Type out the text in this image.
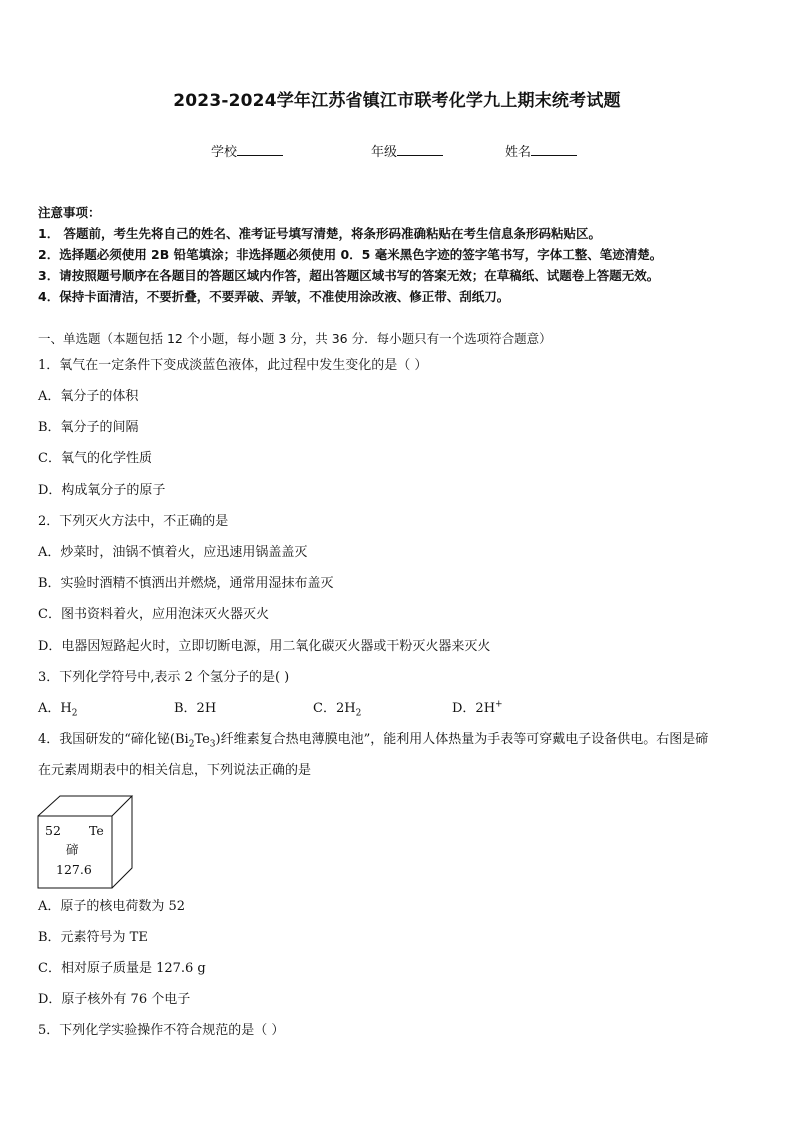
2023-2024学年江苏省镇江市联考化学九上期末统考试题
学校	年级	姓名
注意事项：
1． 答题前，考生先将自己的姓名、准考证号填写清楚，将条形码准确粘贴在考生信息条形码粘贴区。
2．选择题必须使用 2B 铅笔填涂；非选择题必须使用 0．5 毫米黑色字迹的签字笔书写，字体工整、笔迹清楚。
3．请按照题号顺序在各题目的答题区域内作答，超出答题区域书写的答案无效；在草稿纸、试题卷上答题无效。
4．保持卡面清洁，不要折叠，不要弄破、弄皱，不准使用涂改液、修正带、刮纸刀。
一、单选题（本题包括 12 个小题，每小题 3 分，共 36 分．每小题只有一个选项符合题意）
1．氧气在一定条件下变成淡蓝色液体，此过程中发生变化的是（ ）
A．氧分子的体积
B．氧分子的间隔
C．氧气的化学性质
D．构成氧分子的原子
2．下列灭火方法中，不正确的是
A．炒菜时，油锅不慎着火，应迅速用锅盖盖灭
B．实验时酒精不慎洒出并燃烧，通常用湿抹布盖灭
C．图书资料着火，应用泡沫灭火器灭火
D．电器因短路起火时，立即切断电源，用二氧化碳灭火器或干粉灭火器来灭火
3．下列化学符号中,表示 2 个氢分子的是( )
A．$H_2$	B．2H	C．$2H_2$	D．2H+
4．我国研发的“碲化铋$(Bi_2Te_3)$纤维素复合热电薄膜电池”，能利用人体热量为手表等可穿戴电子设备供电。右图是碲
在元素周期表中的相关信息，下列说法正确的是
52 Te
碲
127.6
A．原子的核电荷数为 52
B．元素符号为 TE
C．相对原子质量是 127.6 g
D．原子核外有 76 个电子
5．下列化学实验操作不符合规范的是（ ）
